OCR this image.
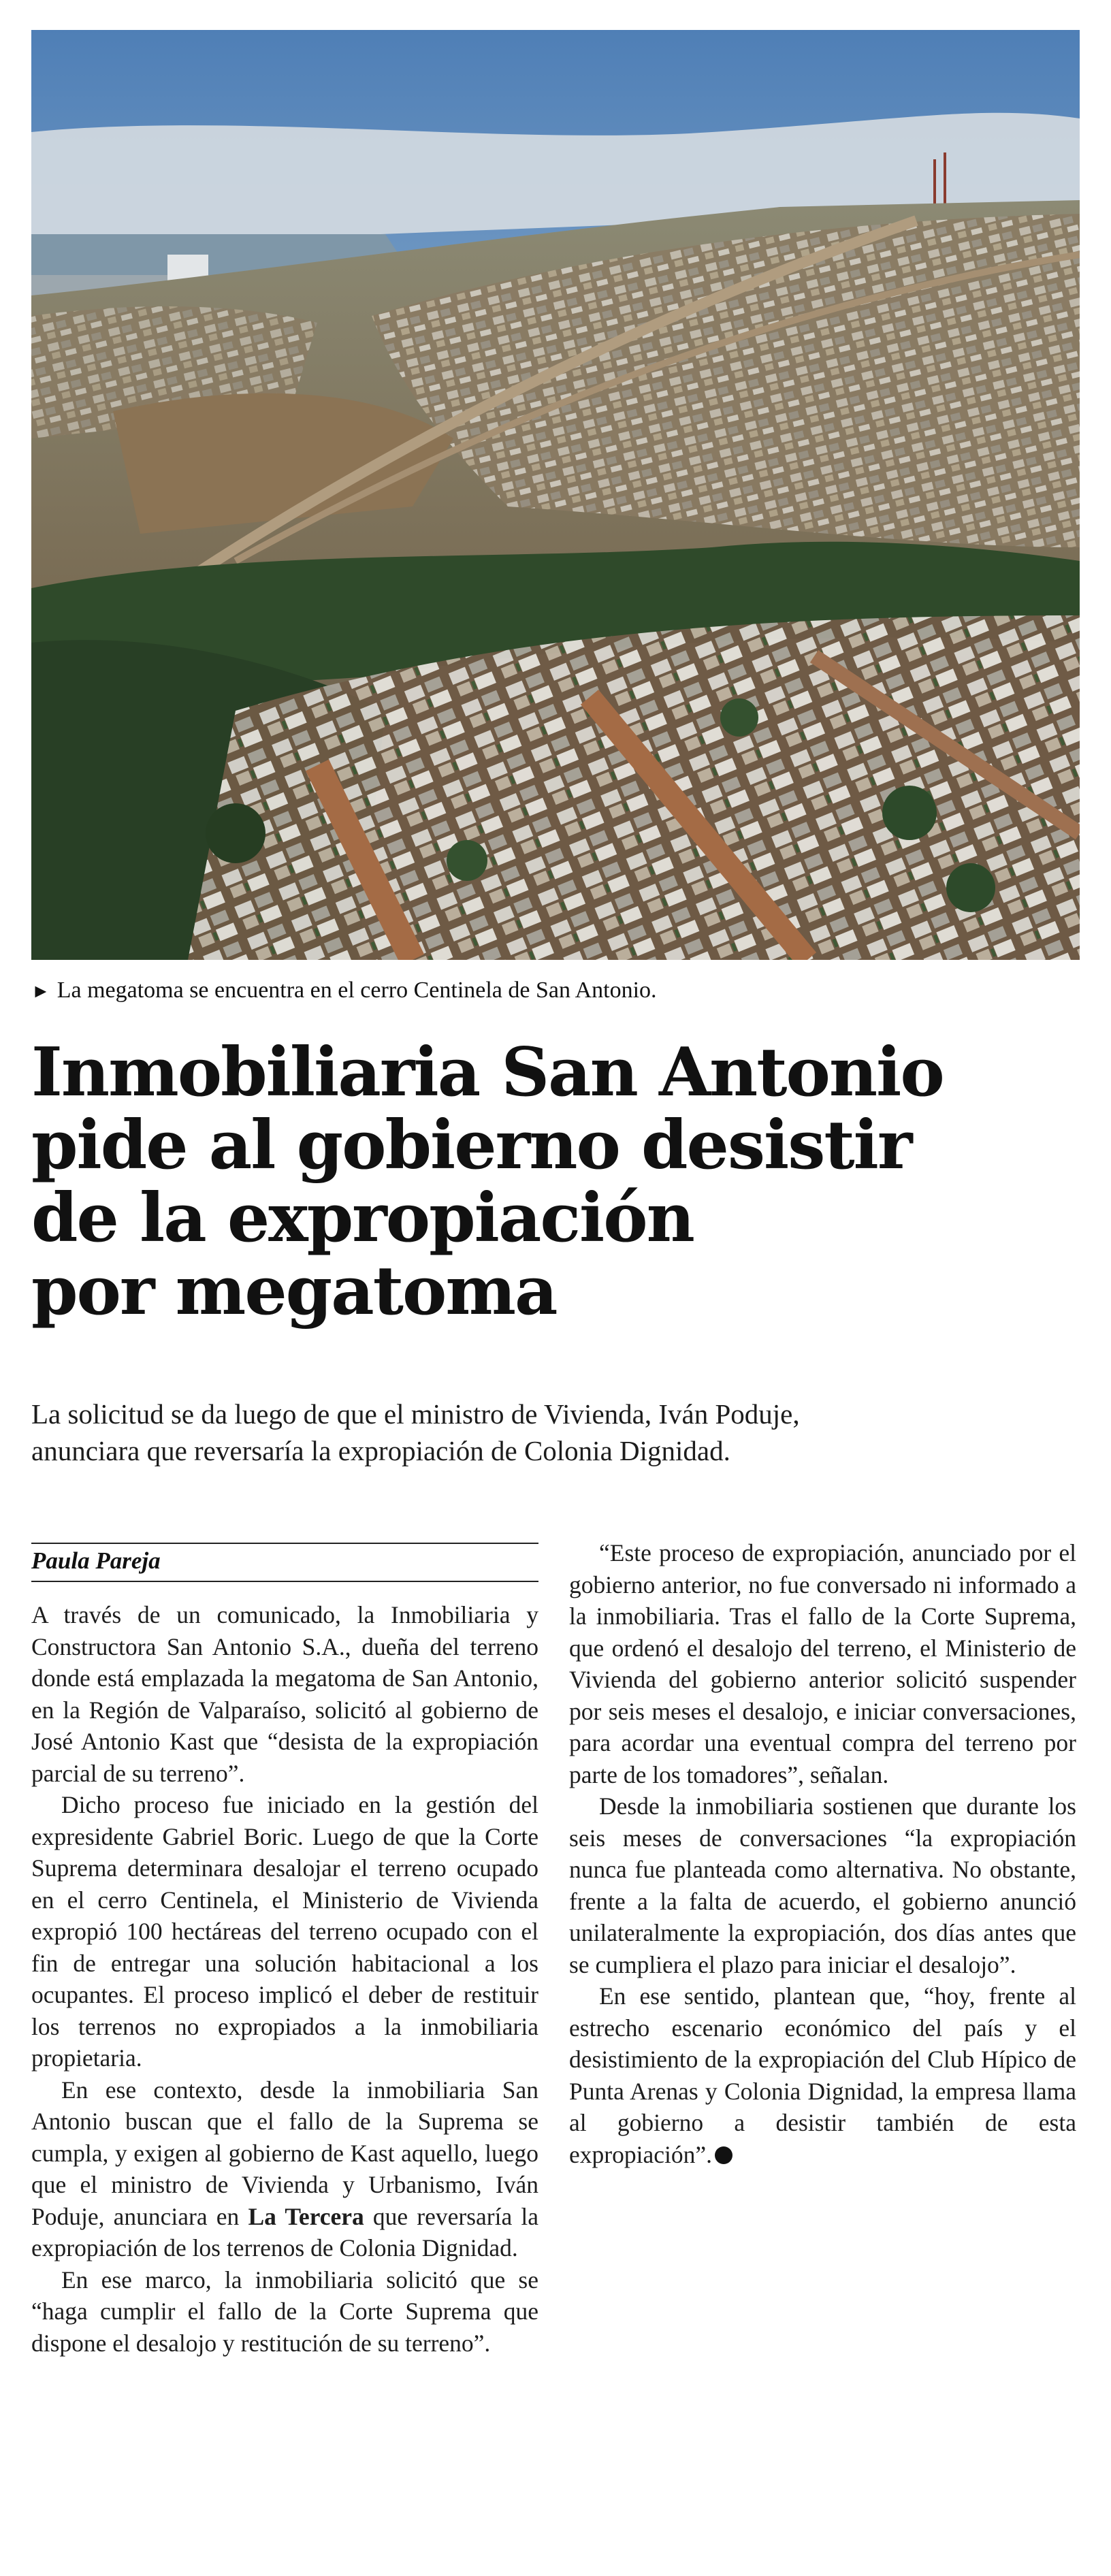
► La megatoma se encuentra en el cerro Centinela de San Antonio.
Inmobiliaria San Antonio
pide al gobierno desistir
de la expropiación
por megatoma
La solicitud se da luego de que el ministro de Vivienda, Iván Poduje,
anunciara que reversaría la expropiación de Colonia Dignidad.
Paula Pareja

A través de un comunicado, la Inmobiliaria y Constructora San Antonio S.A., dueña del terreno donde está emplazada la megatoma de San Antonio, en la Región de Valparaíso, solicitó al gobierno de José Antonio Kast que “desista de la expropiación parcial de su terreno”.

Dicho proceso fue iniciado en la gestión del expresidente Gabriel Boric. Luego de que la Corte Suprema determinara desalojar el terreno ocupado en el cerro Centinela, el Ministerio de Vivienda expropió 100 hectáreas del terreno ocupado con el fin de entregar una solución habitacional a los ocupantes. El proceso implicó el deber de restituir los terrenos no expropiados a la inmobiliaria propietaria.

En ese contexto, desde la inmobiliaria San Antonio buscan que el fallo de la Suprema se cumpla, y exigen al gobierno de Kast aquello, luego que el ministro de Vivienda y Urbanismo, Iván Poduje, anunciara en La Tercera que reversaría la expropiación de los terrenos de Colonia Dignidad.

En ese marco, la inmobiliaria solicitó que se “haga cumplir el fallo de la Corte Suprema que dispone el desalojo y restitución de su terreno”.

“Este proceso de expropiación, anunciado por el gobierno anterior, no fue conversado ni informado a la inmobiliaria. Tras el fallo de la Corte Suprema, que ordenó el desalojo del terreno, el Ministerio de Vivienda del gobierno anterior solicitó suspender por seis meses el desalojo, e iniciar conversaciones, para acordar una eventual compra del terreno por parte de los tomadores”, señalan.

Desde la inmobiliaria sostienen que durante los seis meses de conversaciones “la expropiación nunca fue planteada como alternativa. No obstante, frente a la falta de acuerdo, el gobierno anunció unilateralmente la expropiación, dos días antes que se cumpliera el plazo para iniciar el desalojo”.

En ese sentido, plantean que, “hoy, frente al estrecho escenario económico del país y el desistimiento de la expropiación del Club Hípico de Punta Arenas y Colonia Dignidad, la empresa llama al gobierno a desistir también de esta expropiación”.
